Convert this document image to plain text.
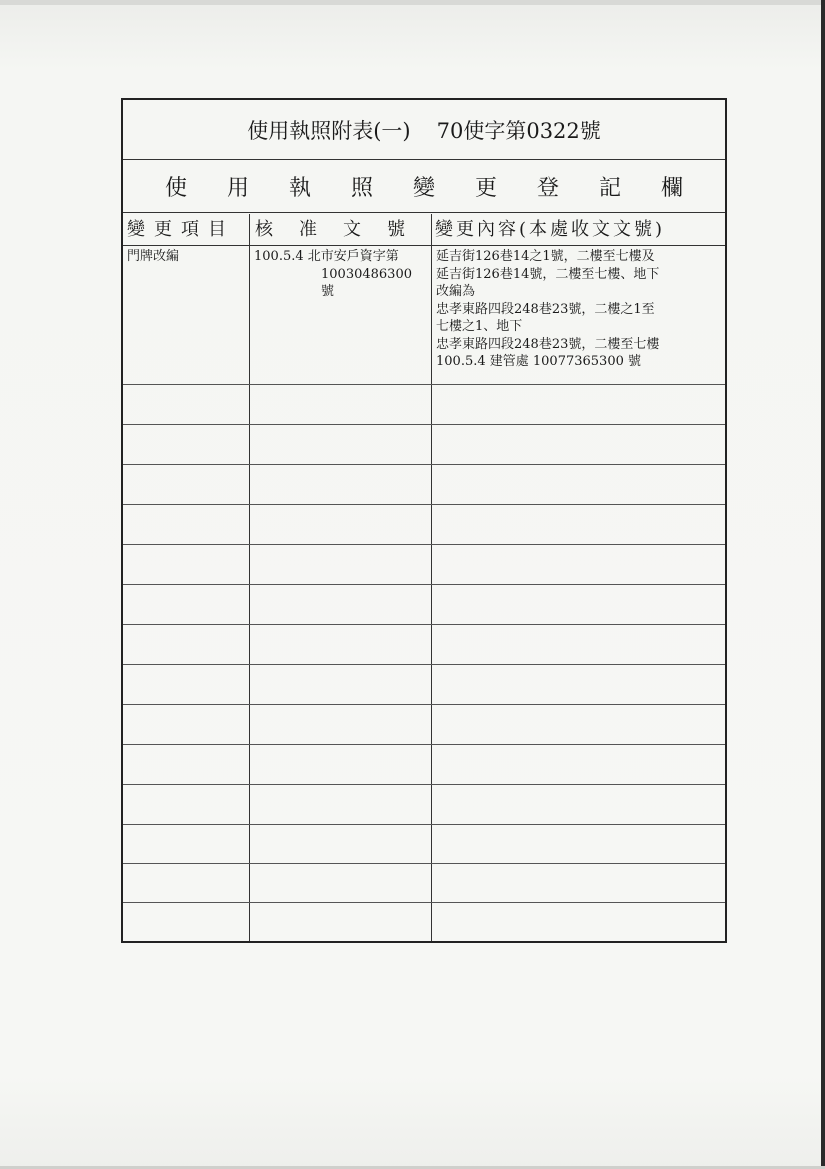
使用執照附表(一) 70使字第0322號
使用執照變更登記欄
變更項目	核准文號 變更內容(本處收文文號)
門牌改編	100.5.4 北市安戶資字第
10030486300
號
延吉街126巷14之1號，二樓至七樓及
延吉街126巷14號，二樓至七樓、地下
改編為
忠孝東路四段248巷23號，二樓之1至
七樓之1、地下
忠孝東路四段248巷23號，二樓至七樓
100.5.4 建管處 10077365300 號
